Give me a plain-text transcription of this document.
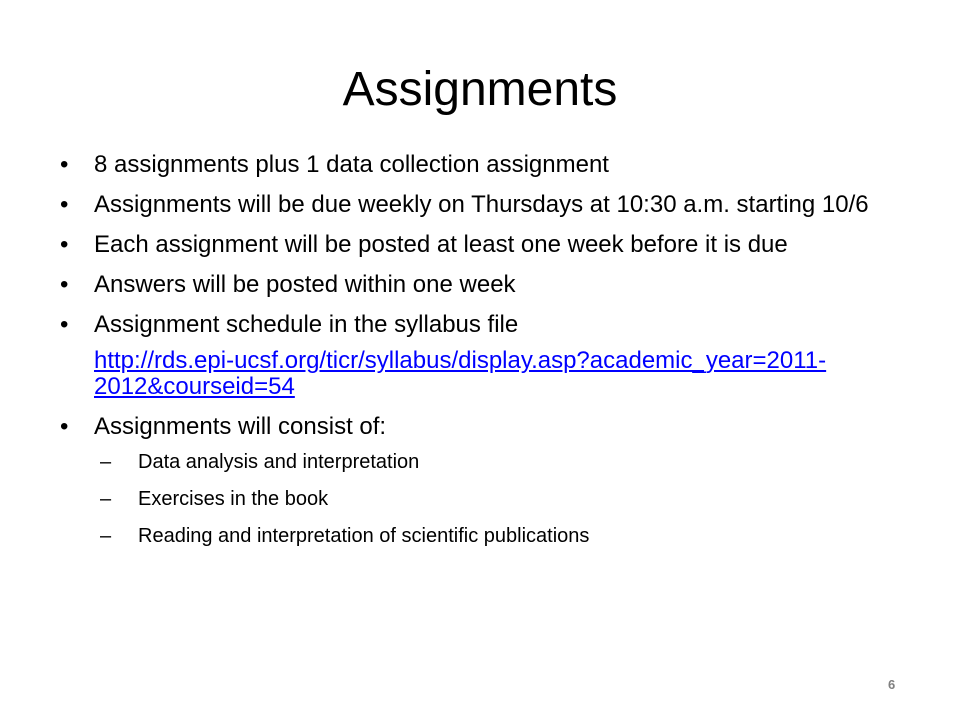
Assignments
•	8 assignments plus 1 data collection assignment
•	Assignments will be due weekly on Thursdays at 10:30 a.m. starting 10/6
•	Each assignment will be posted at least one week before it is due
•	Answers will be posted within one week
•	Assignment schedule in the syllabus file
http://rds.epi-ucsf.org/ticr/syllabus/display.asp?academic_year=2011-2012&courseid=54
•	Assignments will consist of:
– Data analysis and interpretation
– Exercises in the book
– Reading and interpretation of scientific publications
6
